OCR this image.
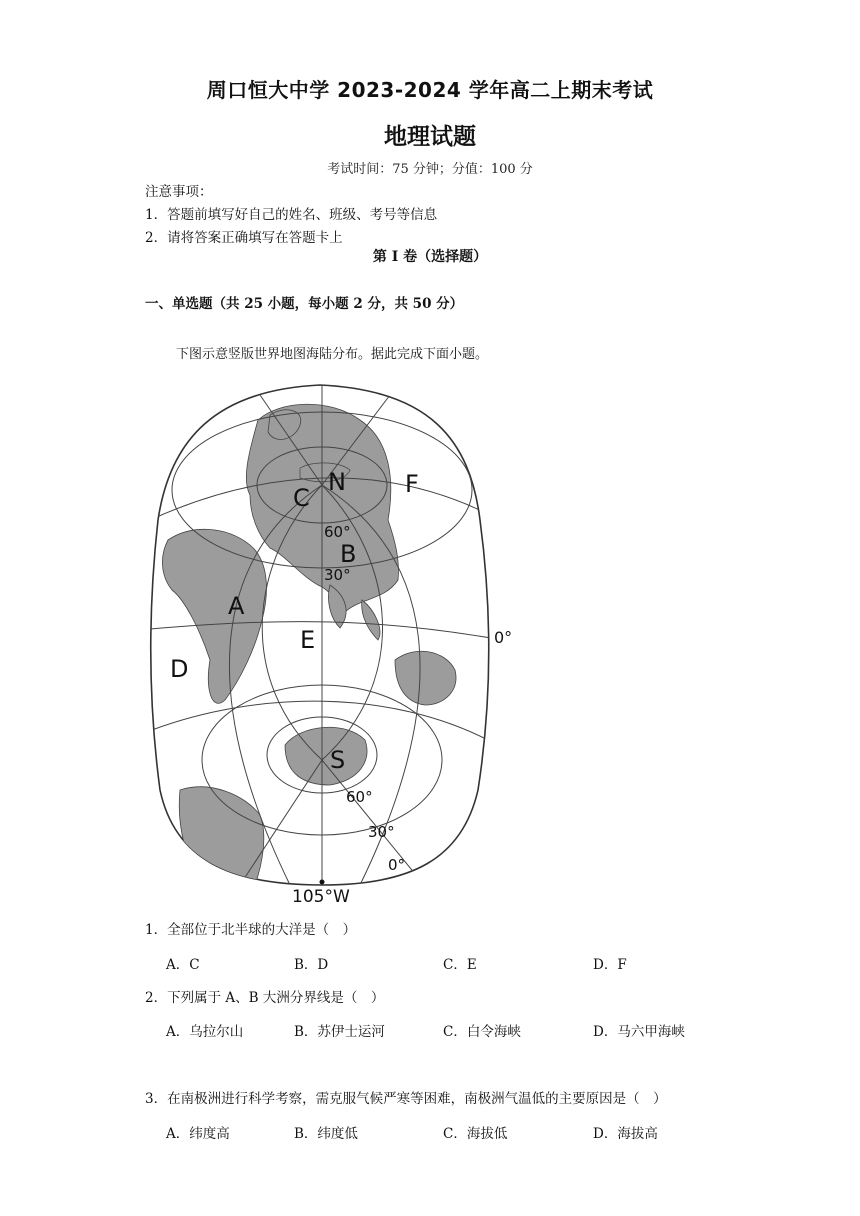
周口恒大中学 2023-2024 学年高二上期末考试
地理试题
考试时间：75 分钟；分值：100 分
注意事项：
1．答题前填写好自己的姓名、班级、考号等信息
2．请将答案正确填写在答题卡上
第 I 卷（选择题）
一、单选题（共 25 小题，每小题 2 分，共 50 分）
下图示意竖版世界地图海陆分布。据此完成下面小题。
A
B
C
D
E
F
N
S
60°
30°
0°
60°
30°
0°
105°W
1．全部位于北半球的大洋是（　）
A．C	B．D	C．E	D．F
2．下列属于 A、B 大洲分界线是（　）
A．乌拉尔山	B．苏伊士运河	C．白令海峡	D．马六甲海峡
3．在南极洲进行科学考察，需克服气候严寒等困难，南极洲气温低的主要原因是（　）
A．纬度高	B．纬度低	C．海拔低	D．海拔高
